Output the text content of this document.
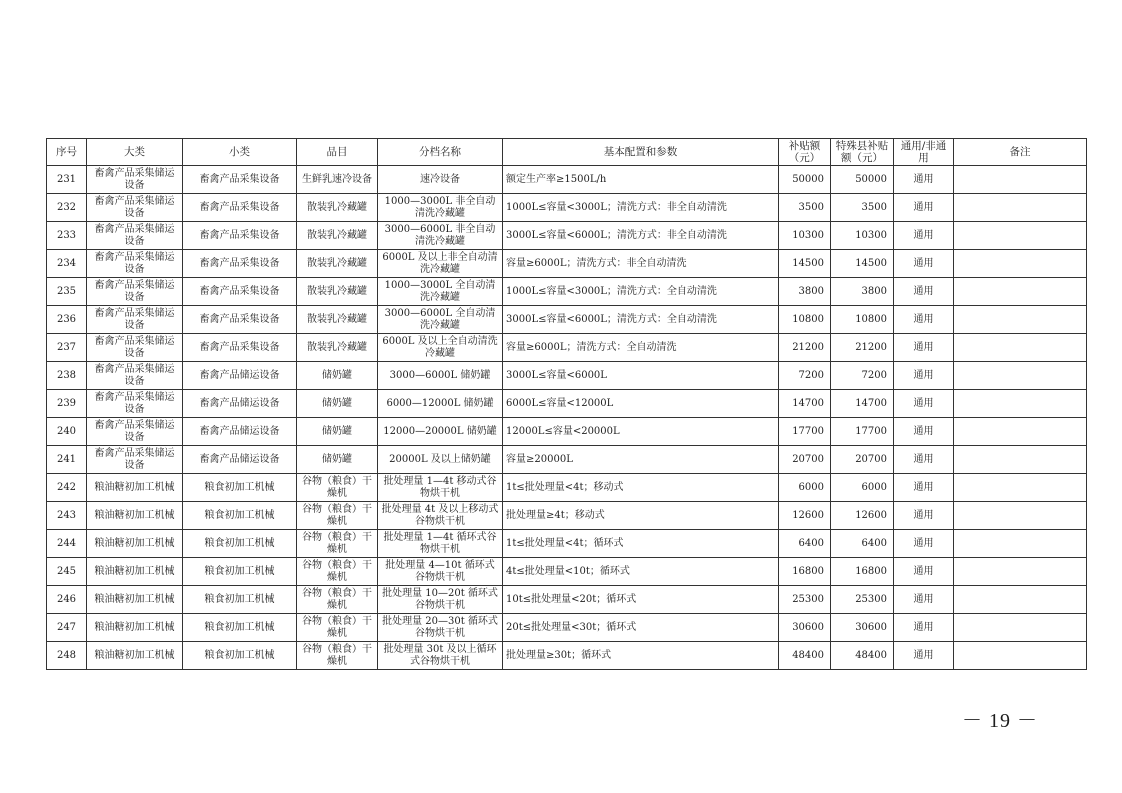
序号	大类	小类	品目	分档名称	基本配置和参数	补贴额（元）	特殊县补贴额（元）	通用/非通用	备注
231	畜禽产品采集储运设备	畜禽产品采集设备	生鲜乳速冷设备	速冷设备	额定生产率≥1500L/h	50000	50000	通用	
232	畜禽产品采集储运设备	畜禽产品采集设备	散装乳冷藏罐	1000—3000L 非全自动清洗冷藏罐	1000L≤容量<3000L；清洗方式：非全自动清洗	3500	3500	通用	
233	畜禽产品采集储运设备	畜禽产品采集设备	散装乳冷藏罐	3000—6000L 非全自动清洗冷藏罐	3000L≤容量<6000L；清洗方式：非全自动清洗	10300	10300	通用	
234	畜禽产品采集储运设备	畜禽产品采集设备	散装乳冷藏罐	6000L 及以上非全自动清洗冷藏罐	容量≥6000L；清洗方式：非全自动清洗	14500	14500	通用	
235	畜禽产品采集储运设备	畜禽产品采集设备	散装乳冷藏罐	1000—3000L 全自动清洗冷藏罐	1000L≤容量<3000L；清洗方式：全自动清洗	3800	3800	通用	
236	畜禽产品采集储运设备	畜禽产品采集设备	散装乳冷藏罐	3000—6000L 全自动清洗冷藏罐	3000L≤容量<6000L；清洗方式：全自动清洗	10800	10800	通用	
237	畜禽产品采集储运设备	畜禽产品采集设备	散装乳冷藏罐	6000L 及以上全自动清洗冷藏罐	容量≥6000L；清洗方式：全自动清洗	21200	21200	通用	
238	畜禽产品采集储运设备	畜禽产品储运设备	储奶罐	3000—6000L 储奶罐	3000L≤容量<6000L	7200	7200	通用	
239	畜禽产品采集储运设备	畜禽产品储运设备	储奶罐	6000—12000L 储奶罐	6000L≤容量<12000L	14700	14700	通用	
240	畜禽产品采集储运设备	畜禽产品储运设备	储奶罐	12000—20000L 储奶罐	12000L≤容量<20000L	17700	17700	通用	
241	畜禽产品采集储运设备	畜禽产品储运设备	储奶罐	20000L 及以上储奶罐	容量≥20000L	20700	20700	通用	
242	粮油糖初加工机械	粮食初加工机械	谷物（粮食）干燥机	批处理量 1—4t 移动式谷物烘干机	1t≤批处理量<4t；移动式	6000	6000	通用	
243	粮油糖初加工机械	粮食初加工机械	谷物（粮食）干燥机	批处理量 4t 及以上移动式谷物烘干机	批处理量≥4t；移动式	12600	12600	通用	
244	粮油糖初加工机械	粮食初加工机械	谷物（粮食）干燥机	批处理量 1—4t 循环式谷物烘干机	1t≤批处理量<4t；循环式	6400	6400	通用	
245	粮油糖初加工机械	粮食初加工机械	谷物（粮食）干燥机	批处理量 4—10t 循环式谷物烘干机	4t≤批处理量<10t；循环式	16800	16800	通用	
246	粮油糖初加工机械	粮食初加工机械	谷物（粮食）干燥机	批处理量 10—20t 循环式谷物烘干机	10t≤批处理量<20t；循环式	25300	25300	通用	
247	粮油糖初加工机械	粮食初加工机械	谷物（粮食）干燥机	批处理量 20—30t 循环式谷物烘干机	20t≤批处理量<30t；循环式	30600	30600	通用	
248	粮油糖初加工机械	粮食初加工机械	谷物（粮食）干燥机	批处理量 30t 及以上循环式谷物烘干机	批处理量≥30t；循环式	48400	48400	通用	
－ 19 －
